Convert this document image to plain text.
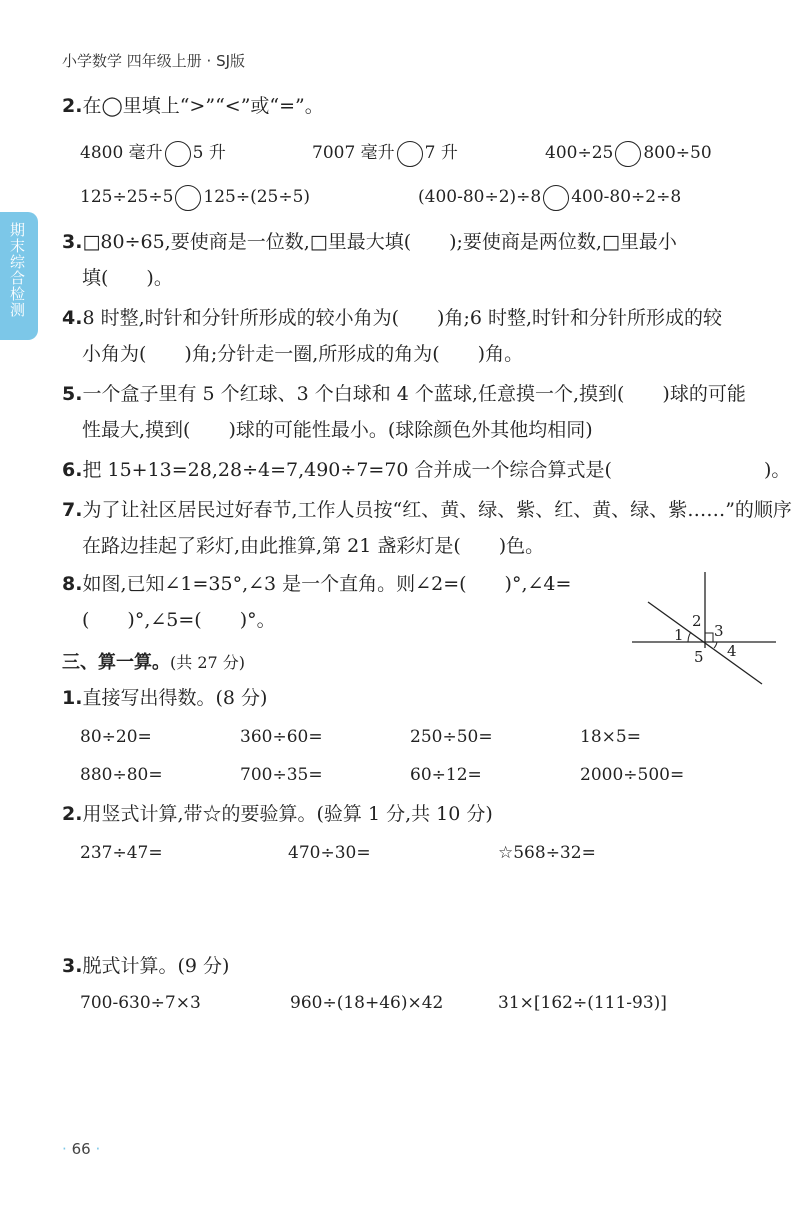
小学数学 四年级上册 · SJ版
期末综合检测
2.在◯里填上“>”“<”或“=”。
4800 毫升 5 升	7007 毫升 7 升	400÷25 800÷50
125÷25÷5 125÷(25÷5)	(400-80÷2)÷8 400-80÷2÷8
3.□80÷65,要使商是一位数,□里最大填(　　);要使商是两位数,□里最小
填(　　)。
4.8 时整,时针和分针所形成的较小角为(　　)角;6 时整,时针和分针所形成的较
小角为(　　)角;分针走一圈,所形成的角为(　　)角。
5.一个盒子里有 5 个红球、3 个白球和 4 个蓝球,任意摸一个,摸到(　　)球的可能
性最大,摸到(　　)球的可能性最小。(球除颜色外其他均相同)
6.把 15+13=28,28÷4=7,490÷7=70 合并成一个综合算式是(　　　　　　　　)。
7.为了让社区居民过好春节,工作人员按“红、黄、绿、紫、红、黄、绿、紫……”的顺序
在路边挂起了彩灯,由此推算,第 21 盏彩灯是(　　)色。
8.如图,已知∠1=35°,∠3 是一个直角。则∠2=(　　)°,∠4=
(　　)°,∠5=(　　)°。
1
2
3
4
5
三、算一算。(共 27 分)
1.直接写出得数。(8 分)
80÷20=	360÷60=	250÷50=	18×5=
880÷80=	700÷35=	60÷12=	2000÷500=
2.用竖式计算,带☆的要验算。(验算 1 分,共 10 分)
237÷47=	470÷30=	☆568÷32=
3.脱式计算。(9 分)
700-630÷7×3	960÷(18+46)×42	31×[162÷(111-93)]
· 66 ·
